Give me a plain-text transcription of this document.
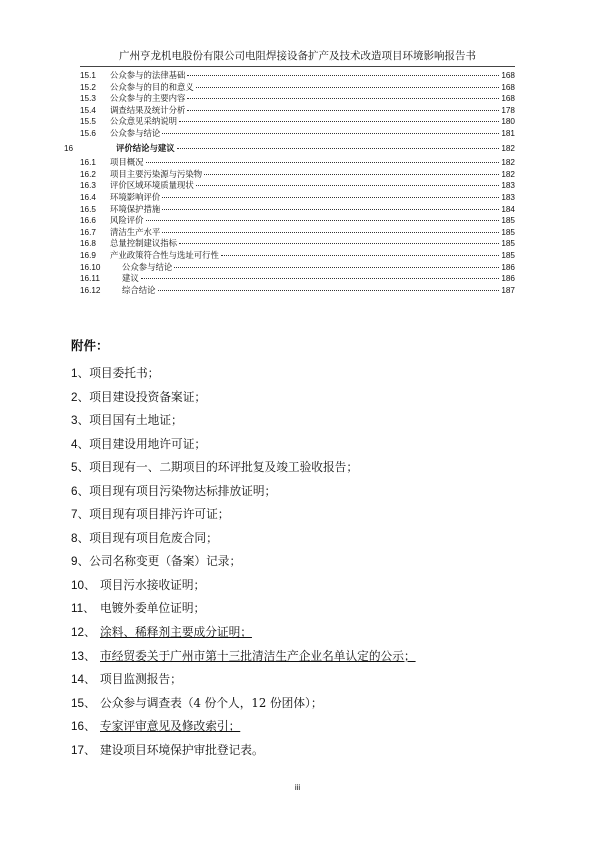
广州亨龙机电股份有限公司电阻焊接设备扩产及技术改造项目环境影响报告书
15.1	公众参与的法律基础	168
15.2	公众参与的目的和意义	168
15.3	公众参与的主要内容	168
15.4	调查结果及统计分析	178
15.5	公众意见采纳说明	180
15.6	公众参与结论	181
16	评价结论与建议	182
16.1	项目概况	182
16.2	项目主要污染源与污染物	182
16.3	评价区域环境质量现状	183
16.4	环境影响评价	183
16.5	环境保护措施	184
16.6	风险评价	185
16.7	清洁生产水平	185
16.8	总量控制建议指标	185
16.9	产业政策符合性与选址可行性	185
16.10	公众参与结论	186
16.11	建议	186
16.12	综合结论	187
附件：
1、 项目委托书；
2、 项目建设投资备案证；
3、 项目国有土地证；
4、 项目建设用地许可证；
5、 项目现有一、二期项目的环评批复及竣工验收报告；
6、 项目现有项目污染物达标排放证明；
7、 项目现有项目排污许可证；
8、 项目现有项目危废合同；
9、 公司名称变更（备案）记录；
10、 项目污水接收证明；
11、 电镀外委单位证明；
12、 涂料、稀释剂主要成分证明；
13、 市经贸委关于广州市第十三批清洁生产企业名单认定的公示；
14、 项目监测报告；
15、 公众参与调查表（4 份个人，12 份团体）；
16、 专家评审意见及修改索引；
17、 建设项目环境保护审批登记表。
iii
